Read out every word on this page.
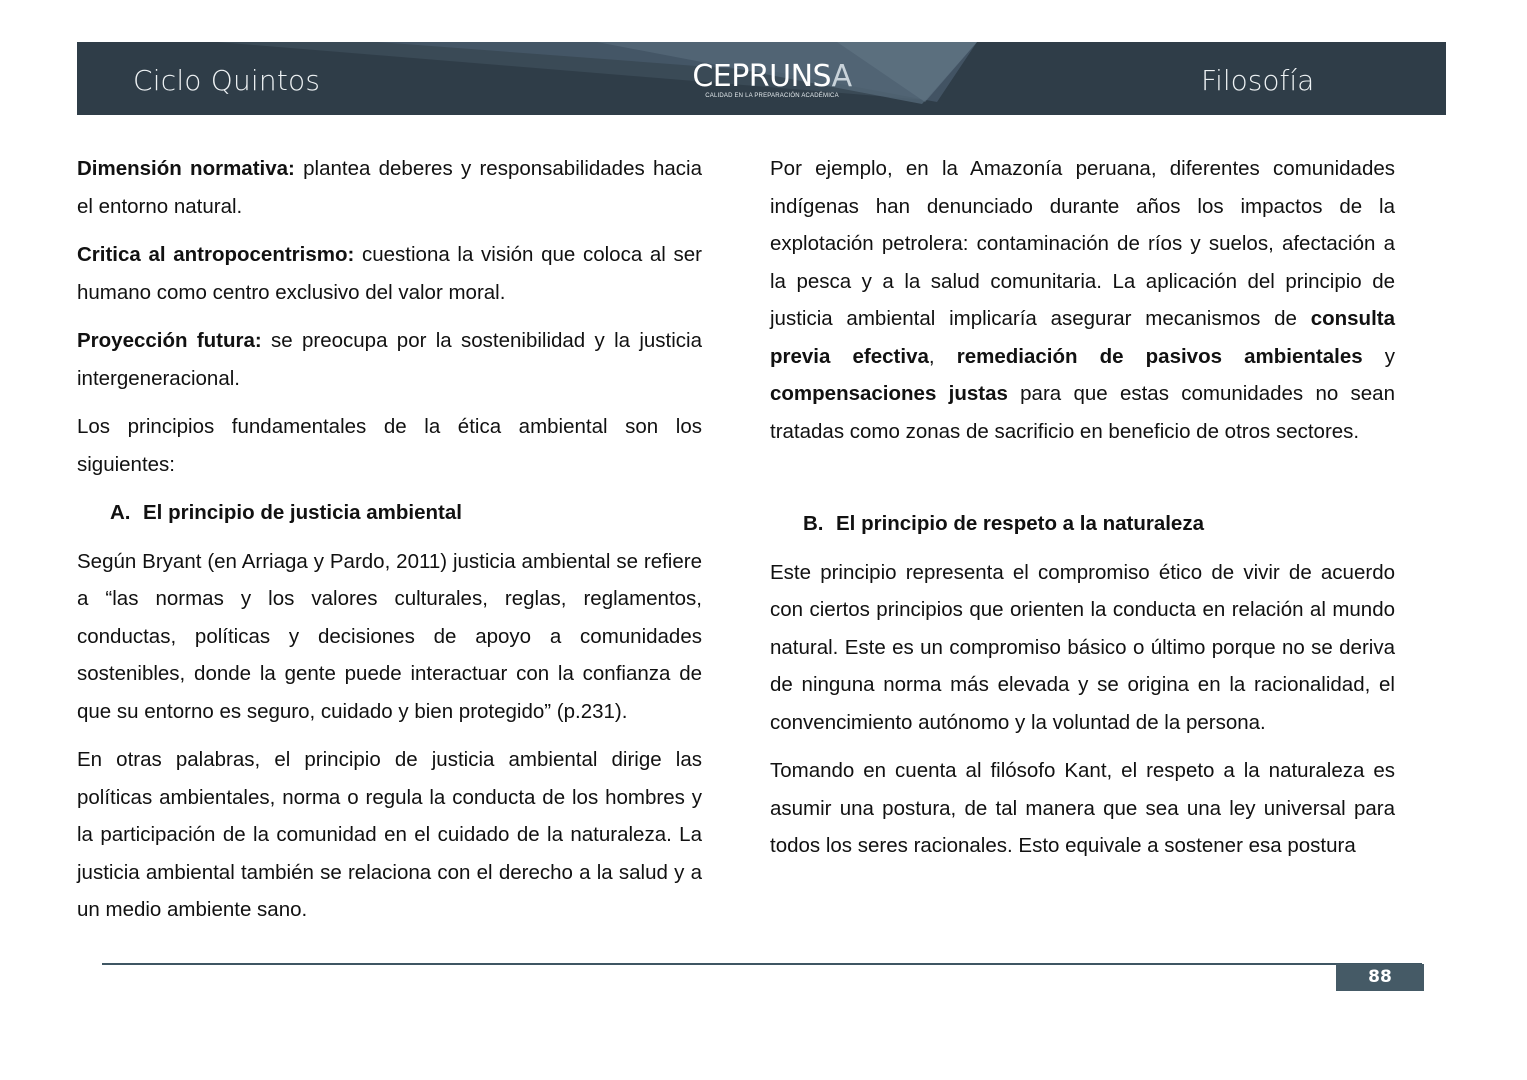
Ciclo Quintos	CEPRUNSA
CALIDAD EN LA PREPARACIÓN ACADÉMICA	Filosofía

Dimensión normativa: plantea deberes y responsabilidades hacia el entorno natural.

Critica al antropocentrismo: cuestiona la visión que coloca al ser humano como centro exclusivo del valor moral.

Proyección futura: se preocupa por la sostenibilidad y la justicia intergeneracional.

Los principios fundamentales de la ética ambiental son los siguientes:

A. El principio de justicia ambiental

Según Bryant (en Arriaga y Pardo, 2011) justicia ambiental se refiere a “las normas y los valores culturales, reglas, reglamentos, conductas, políticas y decisiones de apoyo a comunidades sostenibles, donde la gente puede interactuar con la confianza de que su entorno es seguro, cuidado y bien protegido” (p.231).

En otras palabras, el principio de justicia ambiental dirige las políticas ambientales, norma o regula la conducta de los hombres y la participación de la comunidad en el cuidado de la naturaleza. La justicia ambiental también se relaciona con el derecho a la salud y a un medio ambiente sano.

Por ejemplo, en la Amazonía peruana, diferentes comunidades indígenas han denunciado durante años los impactos de la explotación petrolera: contaminación de ríos y suelos, afectación a la pesca y a la salud comunitaria. La aplicación del principio de justicia ambiental implicaría asegurar mecanismos de consulta previa efectiva, remediación de pasivos ambientales y compensaciones justas para que estas comunidades no sean tratadas como zonas de sacrificio en beneficio de otros sectores.

B. El principio de respeto a la naturaleza

Este principio representa el compromiso ético de vivir de acuerdo con ciertos principios que orienten la conducta en relación al mundo natural. Este es un compromiso básico o último porque no se deriva de ninguna norma más elevada y se origina en la racionalidad, el convencimiento autónomo y la voluntad de la persona.

Tomando en cuenta al filósofo Kant, el respeto a la naturaleza es asumir una postura, de tal manera que sea una ley universal para todos los seres racionales. Esto equivale a sostener esa postura

88
